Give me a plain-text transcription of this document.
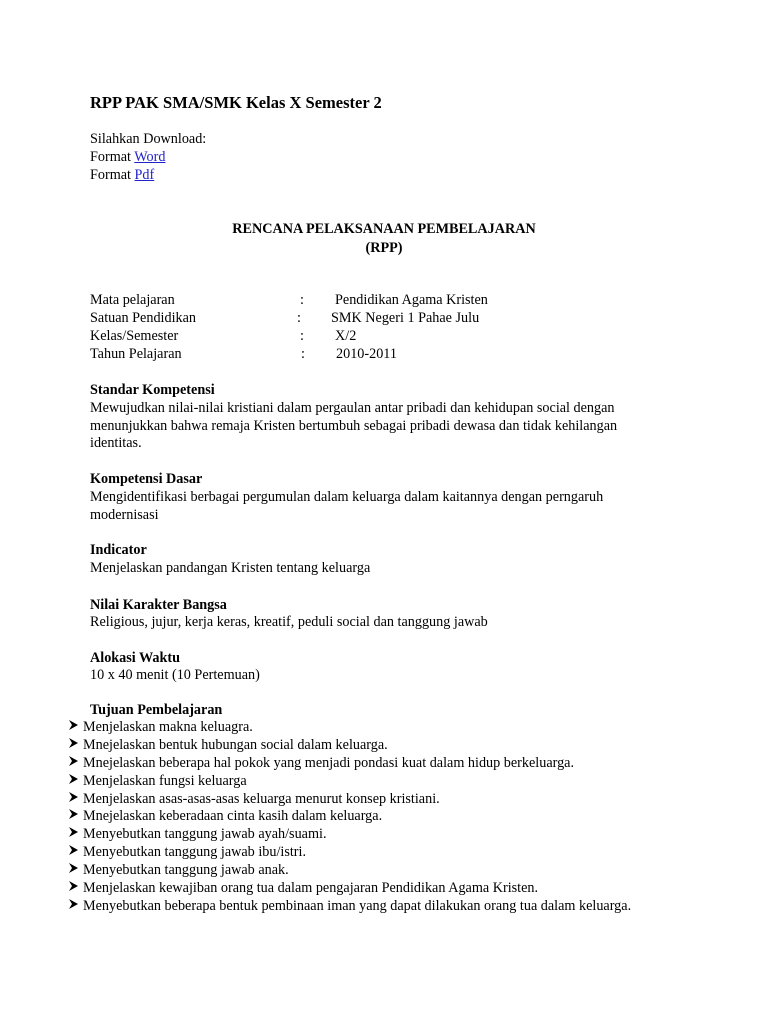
RPP PAK SMA/SMK Kelas X Semester 2
Silahkan Download:
Format Word
Format Pdf
RENCANA PELAKSANAAN PEMBELAJARAN
(RPP)
Mata pelajaran	: Pendidikan Agama Kristen
Satuan Pendidikan	: SMK Negeri 1 Pahae Julu
Kelas/Semester	: X/2
Tahun Pelajaran	: 2010-2011
Standar Kompetensi
Mewujudkan nilai-nilai kristiani dalam pergaulan antar pribadi dan kehidupan social dengan menunjukkan bahwa remaja Kristen bertumbuh sebagai pribadi dewasa dan tidak kehilangan identitas.
Kompetensi Dasar
Mengidentifikasi berbagai pergumulan dalam keluarga dalam kaitannya dengan perngaruh modernisasi
Indicator
Menjelaskan pandangan Kristen tentang keluarga
Nilai Karakter Bangsa
Religious, jujur, kerja keras, kreatif, peduli social dan tanggung jawab
Alokasi Waktu
10 x 40 menit (10 Pertemuan)
Tujuan Pembelajaran
Menjelaskan makna keluagra.
Mnejelaskan bentuk hubungan social dalam keluarga.
Mnejelaskan beberapa hal pokok yang menjadi pondasi kuat dalam hidup berkeluarga.
Menjelaskan fungsi keluarga
Menjelaskan asas-asas-asas keluarga menurut konsep kristiani.
Mnejelaskan keberadaan cinta kasih dalam keluarga.
Menyebutkan tanggung jawab ayah/suami.
Menyebutkan tanggung jawab ibu/istri.
Menyebutkan tanggung jawab anak.
Menjelaskan kewajiban orang tua dalam pengajaran Pendidikan Agama Kristen.
Menyebutkan beberapa bentuk pembinaan iman yang dapat dilakukan orang tua dalam keluarga.
